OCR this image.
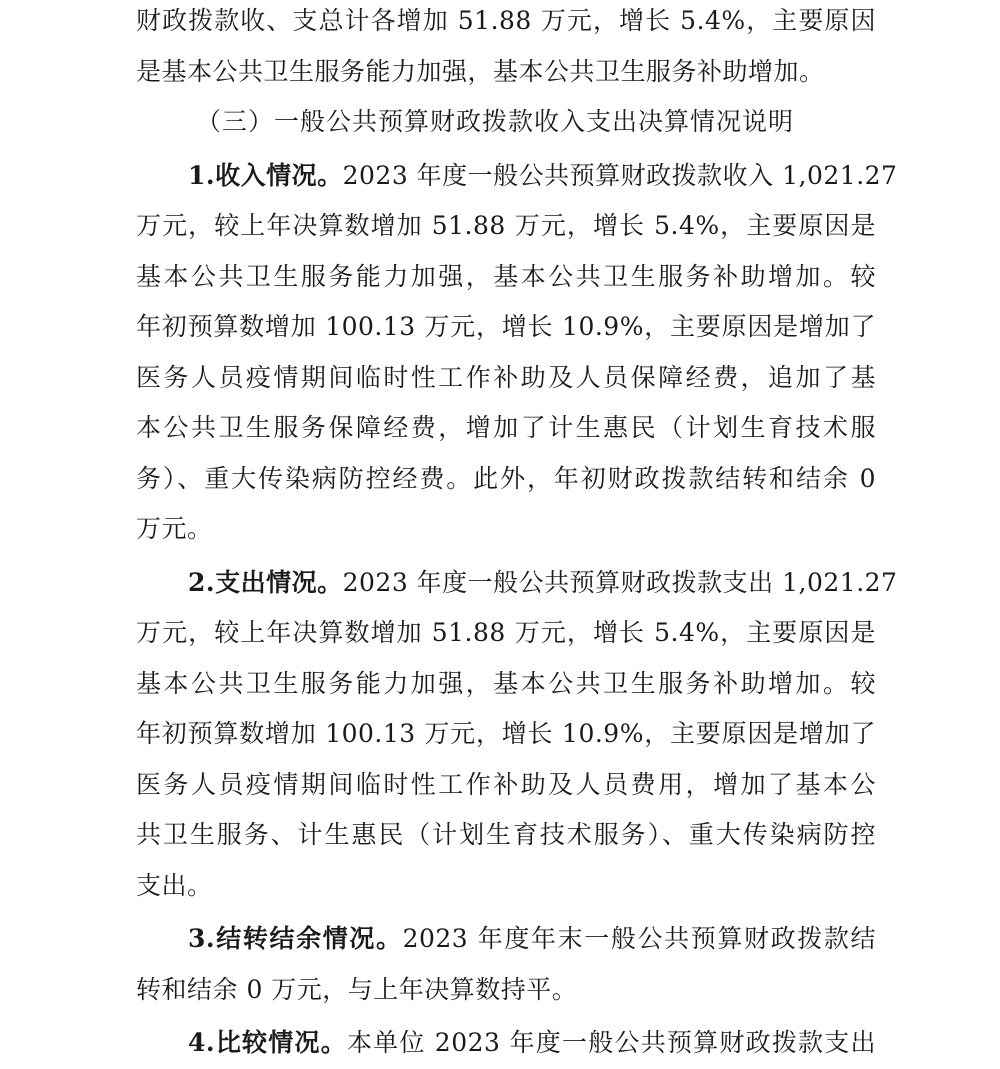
财政拨款收、支总计各增加 51.88 万元，增长 5.4%，主要原因
是基本公共卫生服务能力加强，基本公共卫生服务补助增加。
（三）一般公共预算财政拨款收入支出决算情况说明
1.收入情况。2023 年度一般公共预算财政拨款收入 1,021.27
万元，较上年决算数增加 51.88 万元，增长 5.4%，主要原因是
基本公共卫生服务能力加强，基本公共卫生服务补助增加。较
年初预算数增加 100.13 万元，增长 10.9%，主要原因是增加了
医务人员疫情期间临时性工作补助及人员保障经费，追加了基
本公共卫生服务保障经费，增加了计生惠民（计划生育技术服
务）、重大传染病防控经费。此外，年初财政拨款结转和结余 0
万元。
2.支出情况。2023 年度一般公共预算财政拨款支出 1,021.27
万元，较上年决算数增加 51.88 万元，增长 5.4%，主要原因是
基本公共卫生服务能力加强，基本公共卫生服务补助增加。较
年初预算数增加 100.13 万元，增长 10.9%，主要原因是增加了
医务人员疫情期间临时性工作补助及人员费用，增加了基本公
共卫生服务、计生惠民（计划生育技术服务）、重大传染病防控
支出。
3.结转结余情况。2023 年度年末一般公共预算财政拨款结
转和结余 0 万元，与上年决算数持平。
4.比较情况。本单位 2023 年度一般公共预算财政拨款支出
